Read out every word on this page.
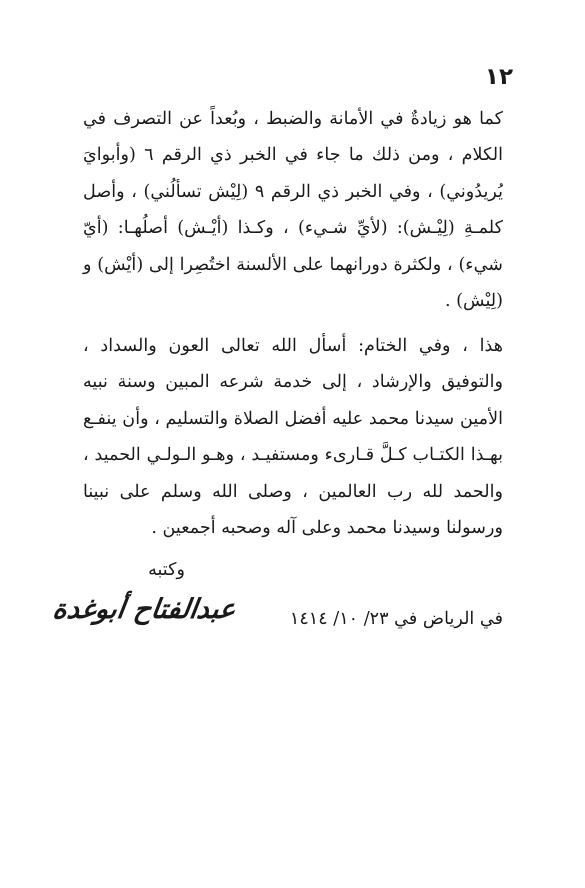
١٢

كما هو زيادةٌ في الأمانة والضبط ، وبُعداً عن التصرف في الكلام ، ومن ذلك ما جاء في الخبر ذي الرقم ٦ (وأبوايَ يُريدُوني) ، وفي الخبر ذي الرقم ٩ (لِيْش تسألُني) ، وأصل كلمـةِ (لِيْـش): (لأيِّ شـيء) ، وكـذا (أيْـش) أصلُهـا: (أيّ شيء) ، ولكثرة دورانهما على الألسنة اختُصِرا إلى (أيْش) و (لِيْش) .

هذا ، وفي الختام: أسأل الله تعالى العون والسداد ، والتوفيق والإرشاد ، إلى خدمة شرعه المبين وسنة نبيه الأمين سيدنا محمد عليه أفضل الصلاة والتسليم ، وأن ينفـع بهـذا الكتـاب كـلَّ قـارىء ومستفيـد ، وهـو الـولـي الحميد ، والحمد لله رب العالمين ، وصلى الله وسلم على نبينا ورسولنا وسيدنا محمد وعلى آله وصحبه أجمعين .

وكتبه
عبدالفتاح أبوغدة	في الرياض في ٢٣/ ١٠/ ١٤١٤
